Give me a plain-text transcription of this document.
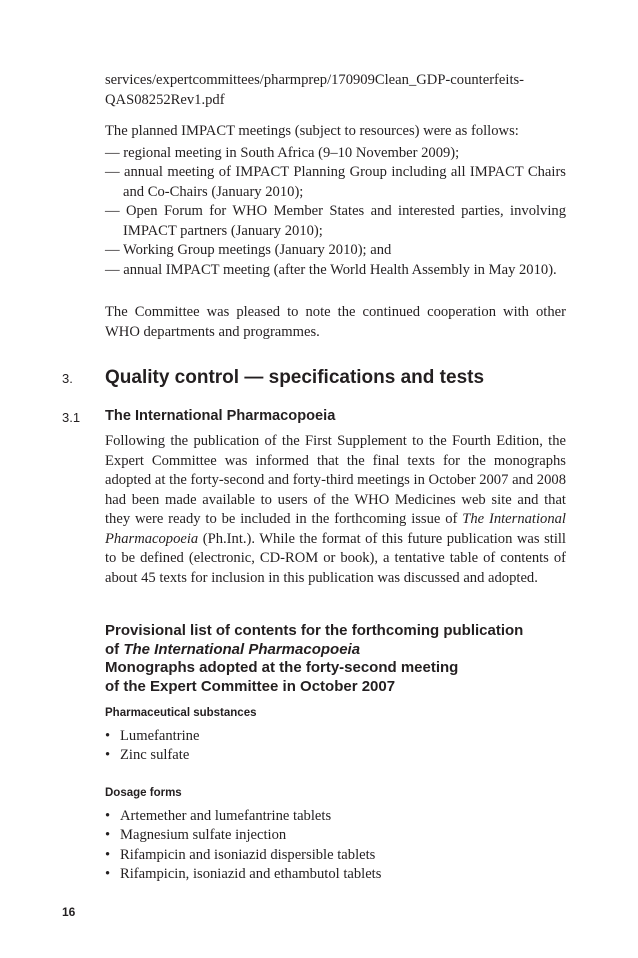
services/expertcommittees/pharmprep/170909Clean_GDP-counterfeits-
QAS08252Rev1.pdf

The planned IMPACT meetings (subject to resources) were as follows:

— regional meeting in South Africa (9–10 November 2009);
— annual meeting of IMPACT Planning Group including all IMPACT Chairs and Co-Chairs (January 2010);
— Open Forum for WHO Member States and interested parties, involving IMPACT partners (January 2010);
— Working Group meetings (January 2010); and
— annual IMPACT meeting (after the World Health Assembly in May 2010).

The Committee was pleased to note the continued cooperation with other WHO departments and programmes.

3. Quality control — specifications and tests
3.1 The International Pharmacopoeia

Following the publication of the First Supplement to the Fourth Edition, the Expert Committee was informed that the final texts for the monographs adopted at the forty-second and forty-third meetings in October 2007 and 2008 had been made available to users of the WHO Medicines web site and that they were ready to be included in the forthcoming issue of The International Pharmacopoeia (Ph.Int.). While the format of this future publication was still to be defined (electronic, CD-ROM or book), a tentative table of contents of about 45 texts for inclusion in this publication was discussed and adopted.

Provisional list of contents for the forthcoming publication
of The International Pharmacopoeia
Monographs adopted at the forty-second meeting
of the Expert Committee in October 2007
Pharmaceutical substances
• Lumefantrine
• Zinc sulfate
Dosage forms
• Artemether and lumefantrine tablets
• Magnesium sulfate injection
• Rifampicin and isoniazid dispersible tablets
• Rifampicin, isoniazid and ethambutol tablets
16
